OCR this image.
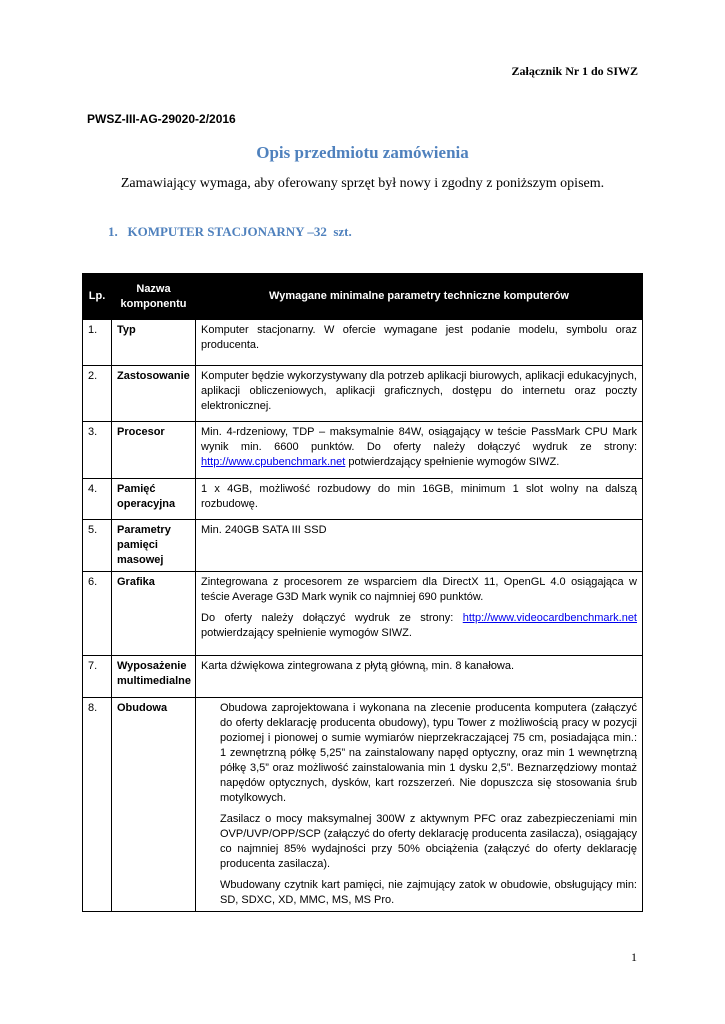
Załącznik Nr 1 do SIWZ
PWSZ-III-AG-29020-2/2016
Opis przedmiotu zamówienia
Zamawiający wymaga, aby oferowany sprzęt był nowy i zgodny z poniższym opisem.
1.   KOMPUTER STACJONARNY –32  szt.
Lp.	Nazwa komponentu	Wymagane minimalne parametry techniczne komputerów
1.	Typ	Komputer stacjonarny. W ofercie wymagane jest podanie modelu, symbolu oraz producenta.
2.	Zastosowanie	Komputer będzie wykorzystywany dla potrzeb aplikacji biurowych, aplikacji edukacyjnych, aplikacji obliczeniowych, aplikacji graficznych, dostępu do internetu oraz poczty elektronicznej.
3.	Procesor	Min. 4-rdzeniowy, TDP – maksymalnie 84W, osiągający w teście PassMark CPU Mark wynik min. 6600 punktów. Do oferty należy dołączyć wydruk ze strony: http://www.cpubenchmark.net potwierdzający spełnienie wymogów SIWZ.
4.	Pamięć operacyjna	1 x 4GB, możliwość rozbudowy do min 16GB, minimum 1 slot wolny na dalszą rozbudowę.
5.	Parametry pamięci masowej	Min. 240GB SATA III SSD
6.	Grafika	Zintegrowana z procesorem ze wsparciem dla DirectX 11, OpenGL 4.0 osiągająca w teście Average G3D Mark wynik co najmniej 690 punktów.

Do oferty należy dołączyć wydruk ze strony: http://www.videocardbenchmark.net potwierdzający spełnienie wymogów SIWZ.

7.	Wyposażenie multimedialne	Karta dźwiękowa zintegrowana z płytą główną, min. 8 kanałowa.
8.	Obudowa	Obudowa zaprojektowana i wykonana na zlecenie producenta komputera (załączyć do oferty deklarację producenta obudowy), typu Tower z możliwością pracy w pozycji poziomej i pionowej o sumie wymiarów nieprzekraczającej 75 cm, posiadająca min.: 1 zewnętrzną półkę 5,25” na zainstalowany napęd optyczny, oraz min 1 wewnętrzną półkę 3,5” oraz możliwość zainstalowania min 1 dysku 2,5”. Beznarzędziowy montaż napędów optycznych, dysków, kart rozszerzeń. Nie dopuszcza się stosowania śrub motylkowych.

Zasilacz o mocy maksymalnej 300W z aktywnym PFC oraz zabezpieczeniami min OVP/UVP/OPP/SCP (załączyć do oferty deklarację producenta zasilacza), osiągający co najmniej 85% wydajności przy 50% obciążenia (załączyć do oferty deklarację producenta zasilacza).

Wbudowany czytnik kart pamięci, nie zajmujący zatok w obudowie, obsługujący min: SD, SDXC, XD, MMC, MS, MS Pro.

1
